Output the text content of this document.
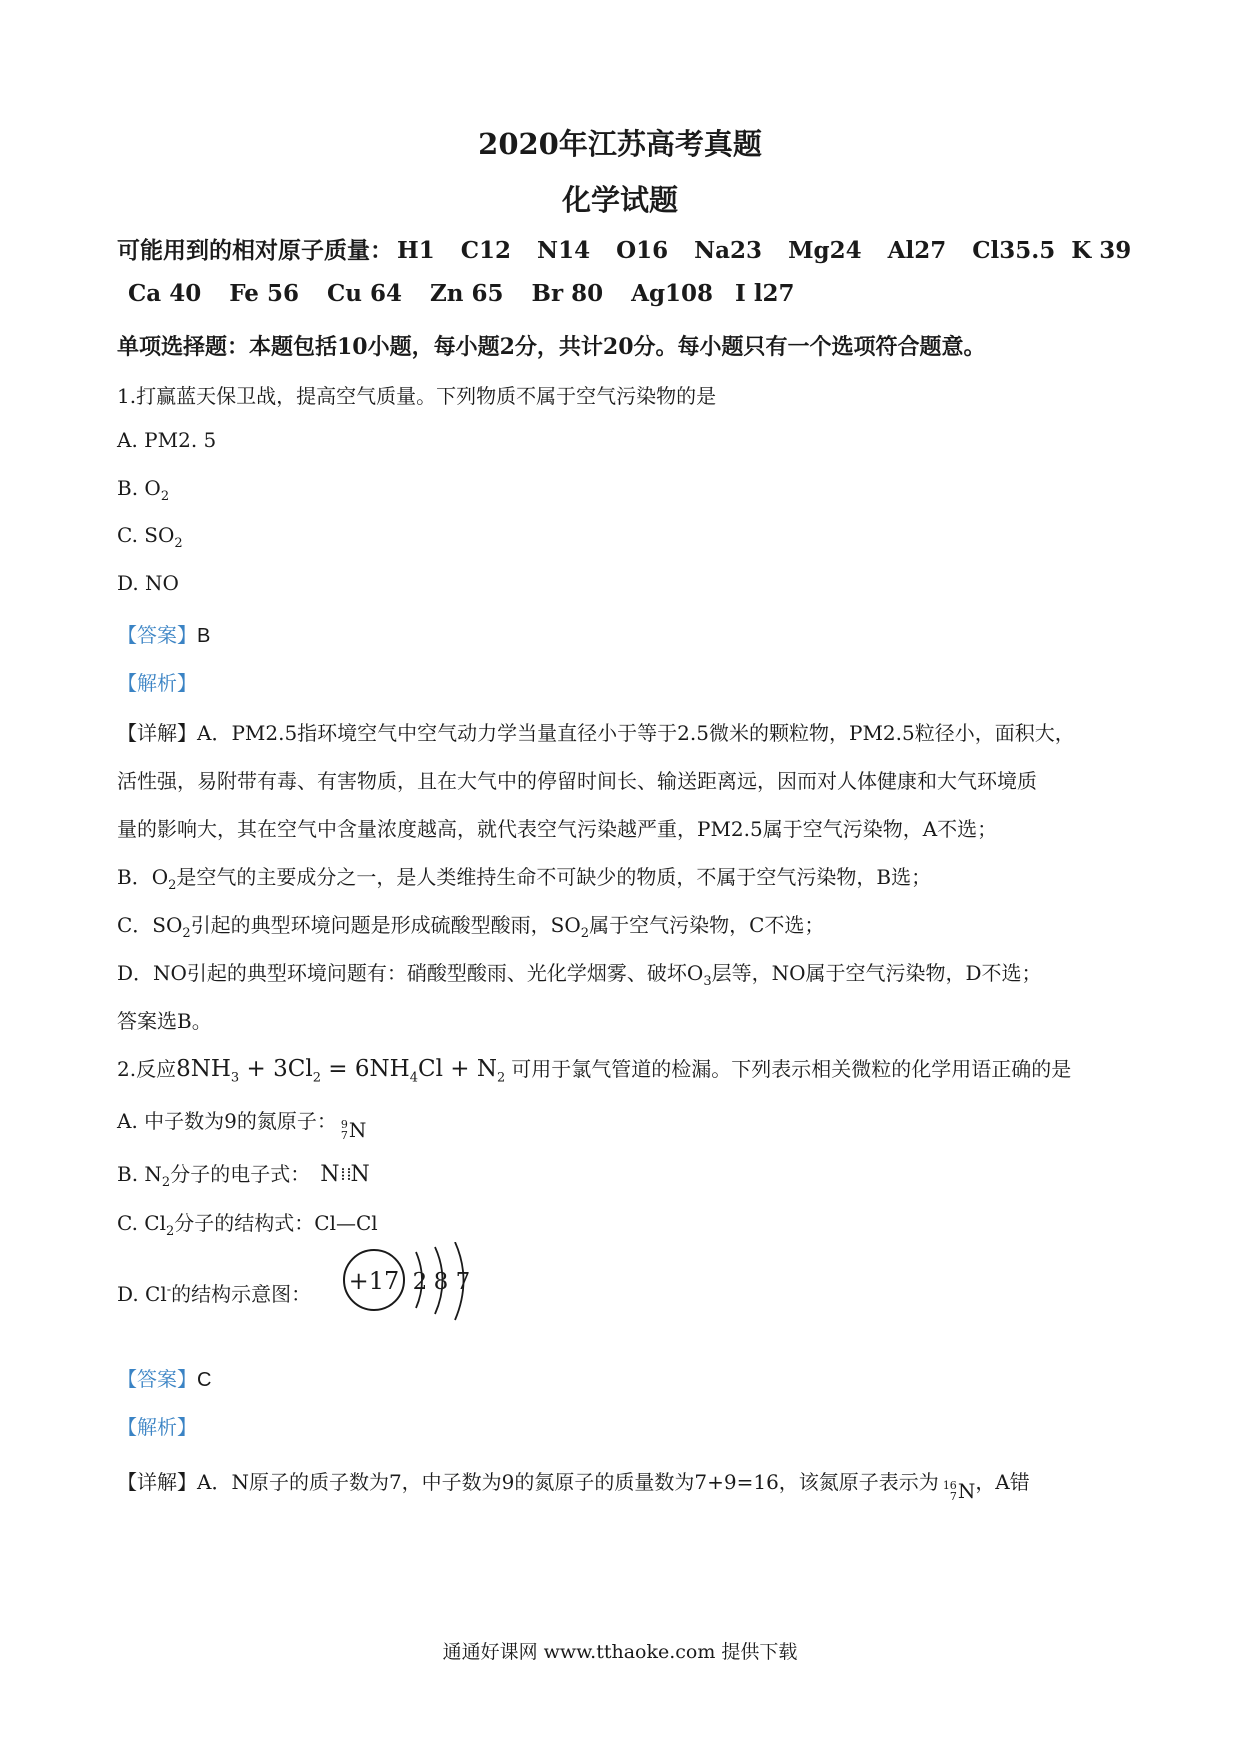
2020年江苏高考真题
化学试题
可能用到的相对原子质量： H1 C12 N14 O16 Na23 Mg24 Al27 Cl35.5 K 39
Ca 40 Fe 56 Cu 64 Zn 65 Br 80 Ag108 I l27
单项选择题：本题包括10小题，每小题2分，共计20分。每小题只有一个选项符合题意。
1.打赢蓝天保卫战，提高空气质量。下列物质不属于空气污染物的是
A. PM2. 5
B. $O_2$
C. $SO_2$
D. NO
【答案】B
【解析】
【详解】A．PM2.5指环境空气中空气动力学当量直径小于等于2.5微米的颗粒物，PM2.5粒径小，面积大，
活性强，易附带有毒、有害物质，且在大气中的停留时间长、输送距离远，因而对人体健康和大气环境质
量的影响大，其在空气中含量浓度越高，就代表空气污染越严重，PM2.5属于空气污染物，A不选；
B．$O_2$是空气的主要成分之一，是人类维持生命不可缺少的物质，不属于空气污染物，B选；
C．$SO_2$引起的典型环境问题是形成硫酸型酸雨，$SO_2$属于空气污染物，C不选；
D．NO引起的典型环境问题有：硝酸型酸雨、光化学烟雾、破坏$O_3$层等，NO属于空气污染物，D不选；
答案选B。
2.反应$8NH_3 + 3Cl_2 = 6NH_4Cl + N_2$ 可用于氯气管道的检漏。下列表示相关微粒的化学用语正确的是
A. 中子数为9的氮原子： 9
7 N
B. $N_2$分子的电子式： N⁞⁞N
C. $Cl_2$分子的结构式：Cl—Cl
D. Cl-的结构示意图： +17 2 8 7
【答案】C
【解析】
【详解】A．N原子的质子数为7，中子数为9的氮原子的质量数为7+9=16，该氮原子表示为 16
7 N ，A错
通通好课网 www.tthaoke.com 提供下载
